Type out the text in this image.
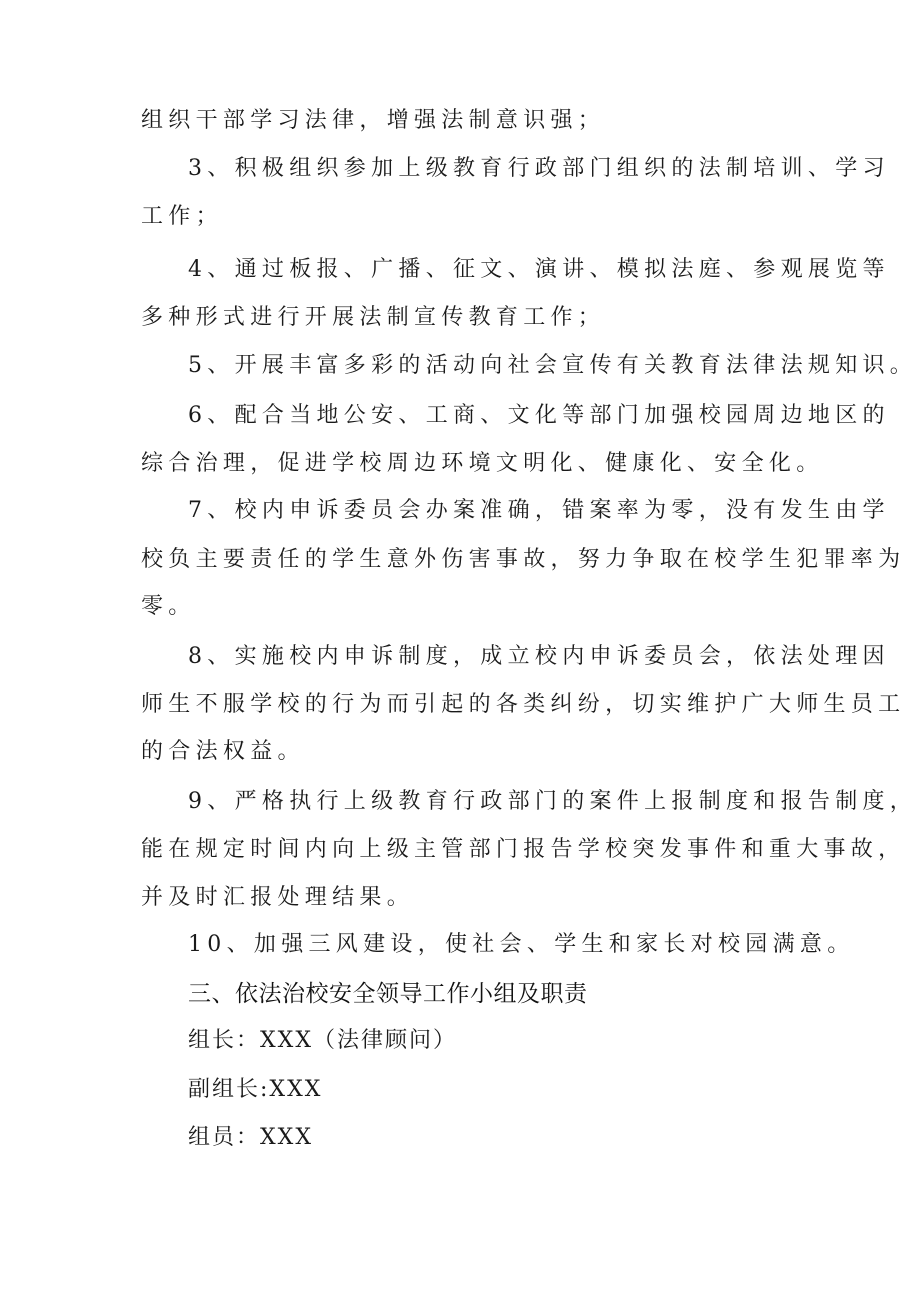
组织干部学习法律，增强法制意识强；
3、积极组织参加上级教育行政部门组织的法制培训、学习
工作；
4、通过板报、广播、征文、演讲、模拟法庭、参观展览等
多种形式进行开展法制宣传教育工作；
5、开展丰富多彩的活动向社会宣传有关教育法律法规知识。
6、配合当地公安、工商、文化等部门加强校园周边地区的
综合治理，促进学校周边环境文明化、健康化、安全化。
7、校内申诉委员会办案准确，错案率为零，没有发生由学
校负主要责任的学生意外伤害事故，努力争取在校学生犯罪率为
零。
8、实施校内申诉制度，成立校内申诉委员会，依法处理因
师生不服学校的行为而引起的各类纠纷，切实维护广大师生员工
的合法权益。
9、严格执行上级教育行政部门的案件上报制度和报告制度，
能在规定时间内向上级主管部门报告学校突发事件和重大事故，
并及时汇报处理结果。
10、加强三风建设，使社会、学生和家长对校园满意。
三、依法治校安全领导工作小组及职责
组长：XXX（法律顾问）
副组长:XXX
组员：XXX
